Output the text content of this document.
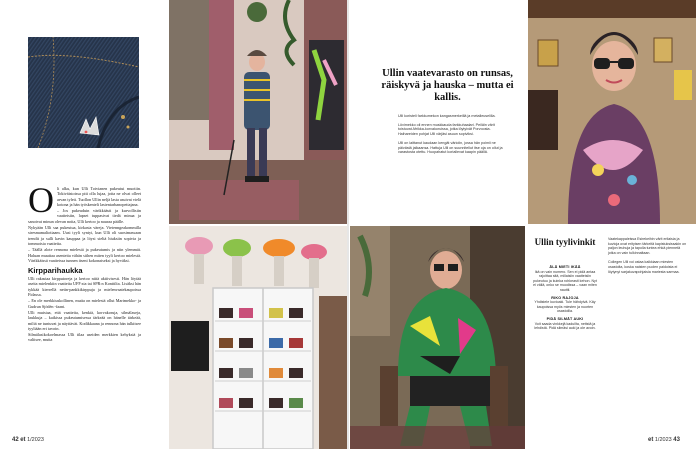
Oli alku, kun Ulli Toivianen pukeutui muotiin. Tokiväistoissa piti olla lujaa, jotta ne olvat olleet arvan tyleti. Tuollon Ullin neljä lasta asuivat vielä kotona ja hän työskenteli lastentarhanopettajana.

– Jos pukeuduin värikkäästi ja kurvollisiin vaatteisiin, lapset tuppasivat tiedä minua ja sanoivat minun olevan noita, Ulli kertoo ja nauraa päälle.

Nykyään Ulli saa pukeutua, kirkasta väreja. Vietenngeakommilla stresmamaliotiaam. Uusi tyyli syntyi, kun Ulli oli suosimassaan trendit ja sulli kavin kauppaa ja löysi sieltä hiuksiin sopivia ja tommoisia vaatteita.

– Täällä alote rennona mielestä ja pukeutumis ja niin ylemmät. Haluan muuttaa asenteita vähän siihen miten tyyli kertoo mielestä. Värikkäissä vaatteissa tunnen itseni kokonaiseksi ja hyväksi.

Kirpparihaukka

Ulli rakastaa kirpputoreja ja kertoo niitä aktiivisesti. Hän löytää aseita mielenkiin vaatteita UFF:sta tai SPR:n Konttilta. Lisäksi hän tykkää kierrellä netin-pankkikirppuja ja mielenvaatekaupoissa Fidassa.

– En ole merkkiuskollinen, mutta on mielestä ollut Marimekko- ja Gudrun Sjödén -faani.

Ulli muistaa, että vaatteita, kenkiä, korvakoruja, silmälaseja, laukkuja – kaikissa pukeutumisessa tärkeää on hänelle tärkeää, miltä ne tuntuvat ja näyttävät. Kodikkaana ja rennona hän tulkitsee tyyliään eri tavoin.

Silmälasikokoelmassa Ulli tilaa useiden merkkien kehyksiä ja valitsee, mutta

Ullin vaatevarasto on runsas, räiskyvä ja hauska – mutta ei kallis.

Ulli koristeli farkkumekon kangasmerkeillä ja metalleuselilla.

Lövimekko oli ennen muskkauda farkkuhaalari. Peiläin värit toistuvat Afrikka-korvakoruissa, jotka löytyivät Porvoosta. Haihareiden pohjat Ulli värjäsi asuun sopiviksi.

Ulli on laittanut kaudaan kengät värioiin, jossa hän poimii ne päivästä jalkaansa. Hattuja Ulli on suunnitellut itse oja on ollut ja varastosta otettu. Huopahatut koriallevat kaapin päällä.

Ullin tyylivinkit
ÄLÄ MIETI IKÄÄ
Ikä on vain numero. Sen ei pidä antaa rajoittaa sitä, millaisiin vaatteisiin pukeutuu ja kuinka rohkeasti kehon. Nyt ei väliä, onko se muodissa – vaan miten nauttii.
RIKO RAJOJA
Yhdistele kuvioaki. Tule hähdylvä. Käy kaupoissa myös miesten ja nuorten osastoilla.
PIDÄ SILMÄT AUKI
Voit saada vinkkejä kaduilta, netistä ja lehdistä. Pidä silmäsi auki ja ole avoin.

Vaatekappaleissa Esirekeihin värit erilaisia ja kuvioja ovat erityisen tärkeitä kapistuksissakin on paljon leuhuja ja tapolla tuntea ehkä piennetä jotka on vain tulkinnaltaan.

Collegen Ulli voi ostaa kaikkiaan miesten osastolta, koska naisten puolen paidoista ei löytynyt sarjakuvapohjaisia mariesta sarmaa.

42 et 1/2023	et 1/2023 43
